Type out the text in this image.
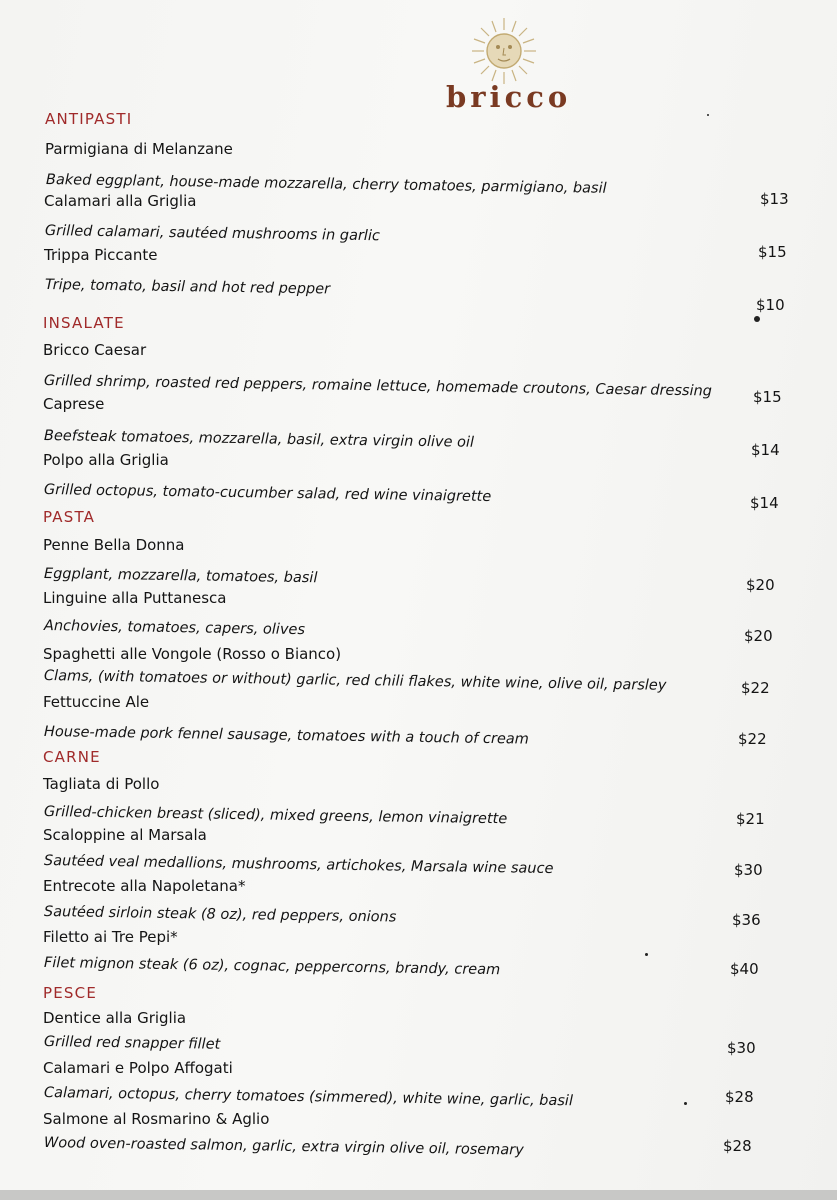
bricco
ANTIPASTI
Parmigiana di Melanzane
Baked eggplant, house-made mozzarella, cherry tomatoes, parmigiano, basil
$13
Calamari alla Griglia
Grilled calamari, sautéed mushrooms in garlic
$15
Trippa Piccante
Tripe, tomato, basil and hot red pepper
$10
INSALATE
Bricco Caesar
Grilled shrimp, roasted red peppers, romaine lettuce, homemade croutons, Caesar dressing	$15
Caprese
Beefsteak tomatoes, mozzarella, basil, extra virgin olive oil	$14
Polpo alla Griglia
Grilled octopus, tomato-cucumber salad, red wine vinaigrette	$14
PASTA
Penne Bella Donna
Eggplant, mozzarella, tomatoes, basil	$20
Linguine alla Puttanesca
Anchovies, tomatoes, capers, olives	$20
Spaghetti alle Vongole (Rosso o Bianco)
Clams, (with tomatoes or without) garlic, red chili flakes, white wine, olive oil, parsley	$22
Fettuccine Ale
House-made pork fennel sausage, tomatoes with a touch of cream	$22
CARNE
Tagliata di Pollo
Grilled-chicken breast (sliced), mixed greens, lemon vinaigrette	$21
Scaloppine al Marsala
Sautéed veal medallions, mushrooms, artichokes, Marsala wine sauce	$30
Entrecote alla Napoletana*
Sautéed sirloin steak (8 oz), red peppers, onions	$36
Filetto ai Tre Pepi*
Filet mignon steak (6 oz), cognac, peppercorns, brandy, cream	$40
PESCE
Dentice alla Griglia
Grilled red snapper fillet	$30
Calamari e Polpo Affogati
Calamari, octopus, cherry tomatoes (simmered), white wine, garlic, basil	$28
Salmone al Rosmarino & Aglio
Wood oven-roasted salmon, garlic, extra virgin olive oil, rosemary	$28
